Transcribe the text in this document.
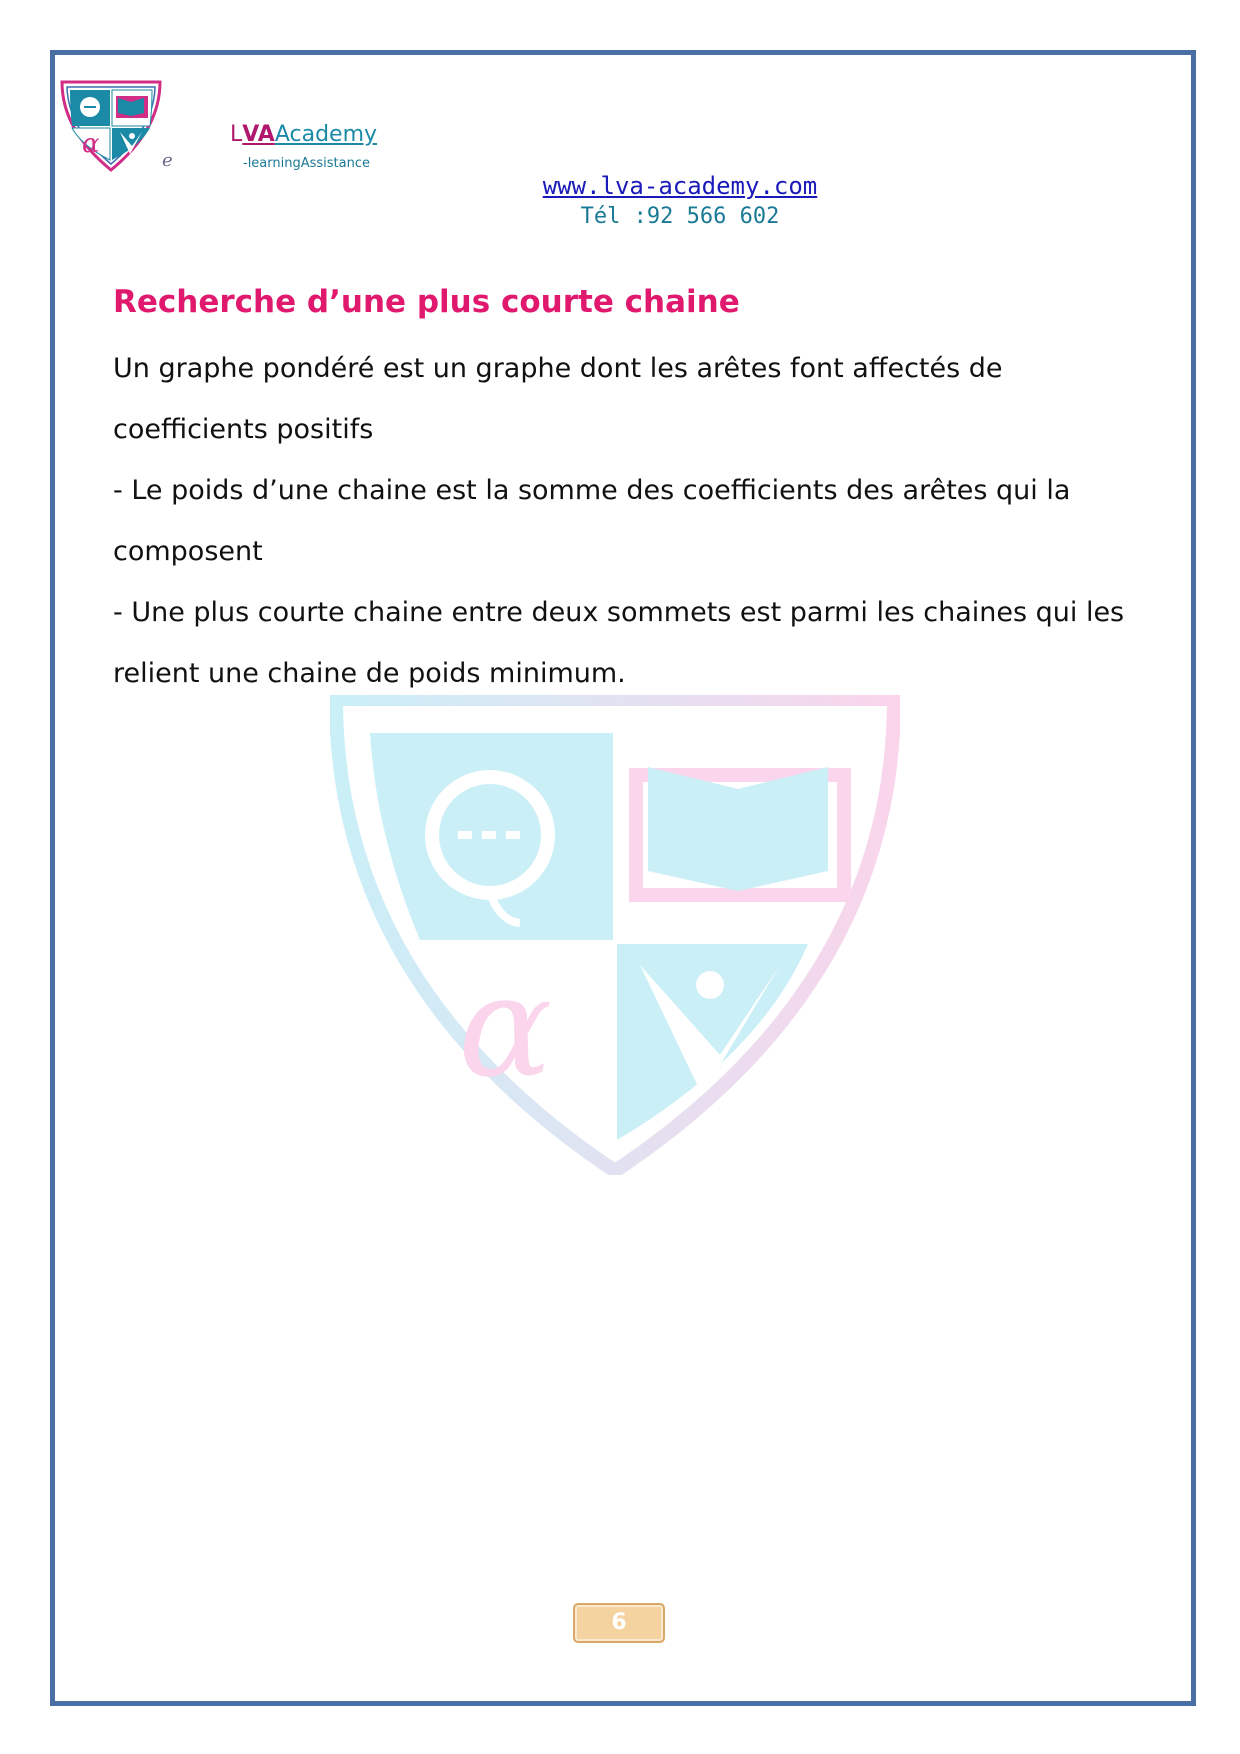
α
e
LVAAcademy
-learningAssistance
www.lva-academy.com
Tél :92 566 602
α
Recherche d’une plus courte chaine

Un graphe pondéré est un graphe dont les arêtes font affectés de coefficients positifs

- Le poids d’une chaine est la somme des coefficients des arêtes qui la composent

- Une plus courte chaine entre deux sommets est parmi les chaines qui les relient une chaine de poids minimum.

6
